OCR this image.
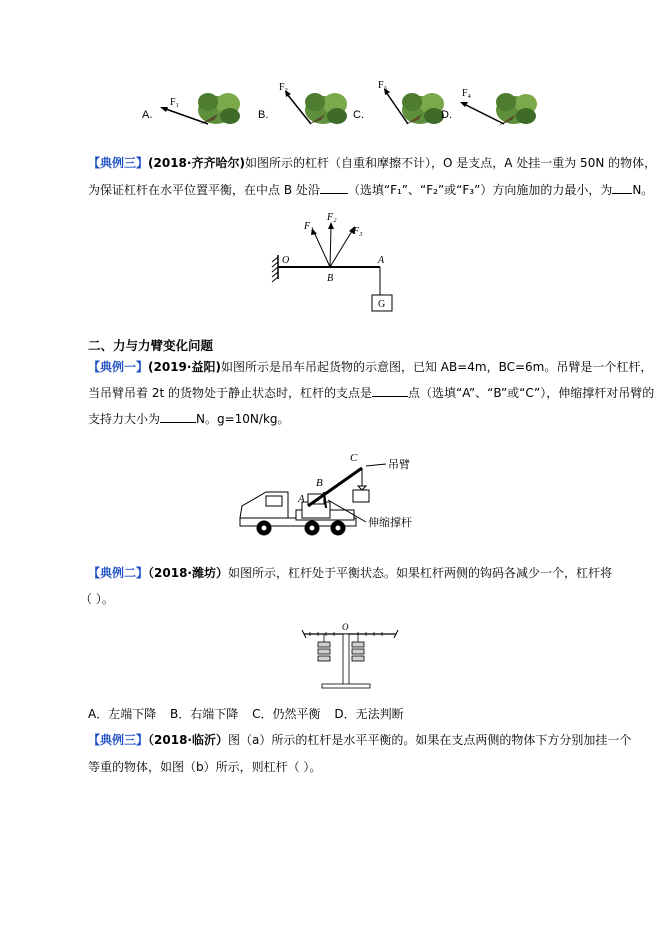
A.
F₁
B.
F₂
C.
F₃
D.
F₄
【典例三】(2018·齐齐哈尔)如图所示的杠杆（自重和摩擦不计），O 是支点，A 处挂一重为 50N 的物体，
为保证杠杆在水平位置平衡，在中点 B 处沿 （选填“F₁”、“F₂”或“F₃”）方向施加的力最小，为 N。
G
O
B
A
F₁
F₂
F₃
二、力与力臂变化问题
【典例一】(2019·益阳)如图所示是吊车吊起货物的示意图，已知 AB=4m，BC=6m。吊臂是一个杠杆，
当吊臂吊着 2t 的货物处于静止状态时，杠杆的支点是	点（选填“A”、“B”或“C”），伸缩撑杆对吊臂的
支持力大小为	N。g=10N/kg。
C
B
A
吊臂
伸缩撑杆
【典例二】（2018·潍坊）如图所示，杠杆处于平衡状态。如果杠杆两侧的钩码各减少一个，杠杆将
（ ）。
O
A．左端下降 B．右端下降 C．仍然平衡 D．无法判断
【典例三】（2018·临沂）图（a）所示的杠杆是水平平衡的。如果在支点两侧的物体下方分别加挂一个
等重的物体，如图（b）所示，则杠杆（ ）。
